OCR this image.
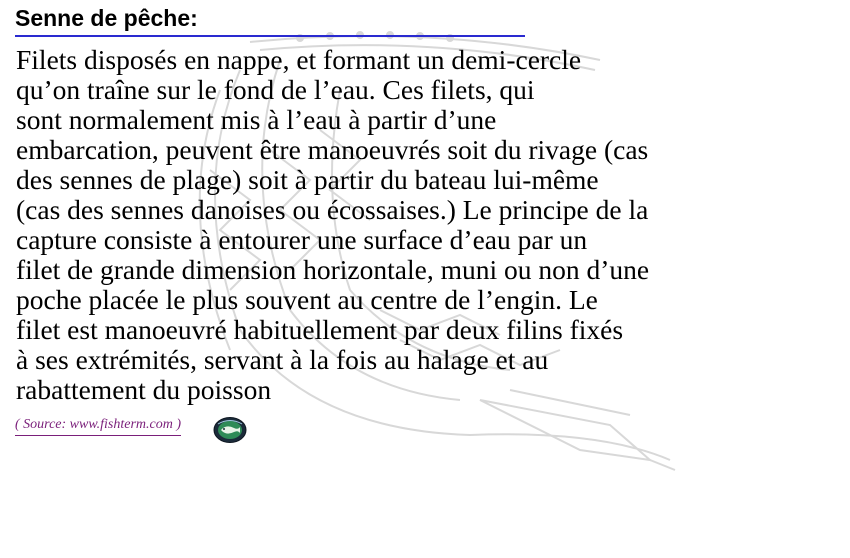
Senne de pêche:
Filets disposés en nappe, et formant un demi-cercle
qu’on traîne sur le fond de l’eau. Ces filets, qui
sont normalement mis à l’eau à partir d’une
embarcation, peuvent être manoeuvrés soit du rivage (cas
des sennes de plage) soit à partir du bateau lui-même
(cas des sennes danoises ou écossaises.) Le principe de la
capture consiste à entourer une surface d’eau par un
filet de grande dimension horizontale, muni ou non d’une
poche placée le plus souvent au centre de l’engin. Le
filet est manoeuvré habituellement par deux filins fixés
à ses extrémités, servant à la fois au halage et au
rabattement du poisson
( Source: www.fishterm.com )
